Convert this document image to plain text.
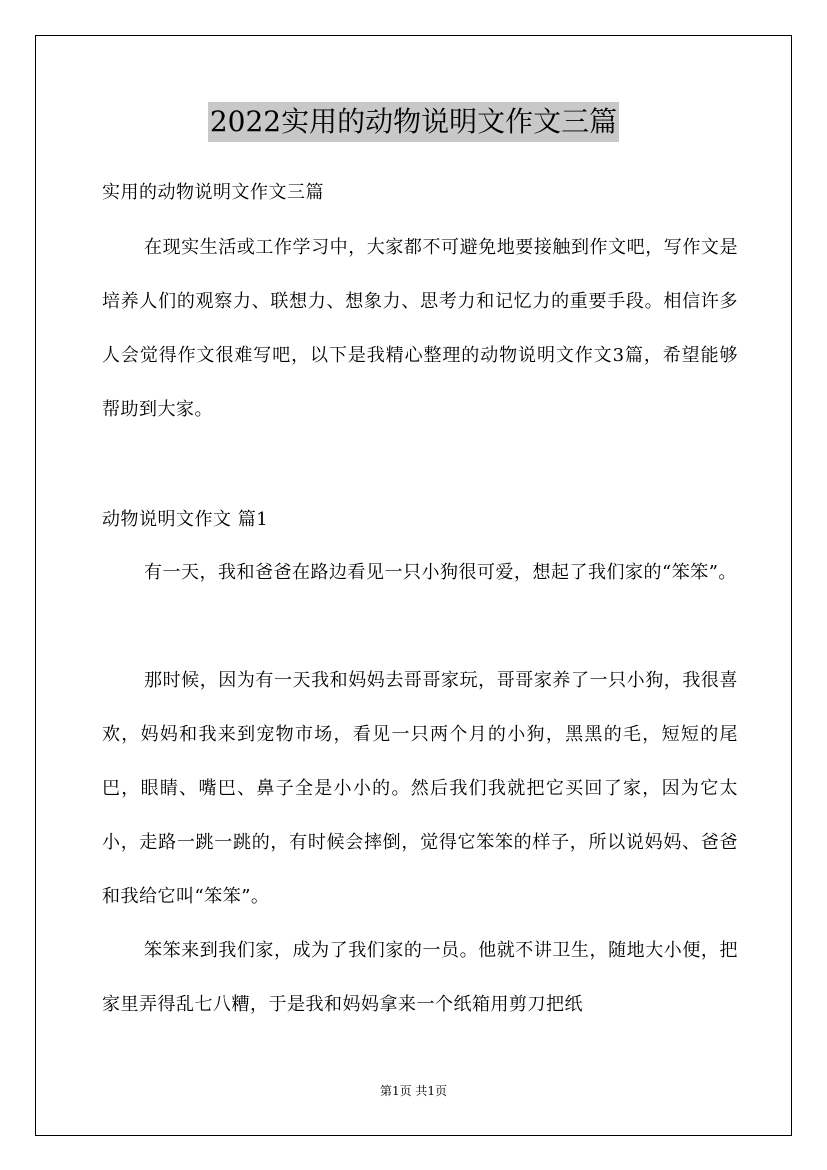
2022实用的动物说明文作文三篇
实用的动物说明文作文三篇
在现实生活或工作学习中，大家都不可避免地要接触到作文吧，写作文是培养人们的观察力、联想力、想象力、思考力和记忆力的重要手段。相信许多人会觉得作文很难写吧，以下是我精心整理的动物说明文作文3篇，希望能够帮助到大家。
动物说明文作文 篇1
有一天，我和爸爸在路边看见一只小狗很可爱，想起了我们家的“笨笨”。
那时候，因为有一天我和妈妈去哥哥家玩，哥哥家养了一只小狗，我很喜欢，妈妈和我来到宠物市场，看见一只两个月的小狗，黑黑的毛，短短的尾巴，眼睛、嘴巴、鼻子全是小小的。然后我们我就把它买回了家，因为它太小，走路一跳一跳的，有时候会摔倒，觉得它笨笨的样子，所以说妈妈、爸爸和我给它叫“笨笨”。
笨笨来到我们家，成为了我们家的一员。他就不讲卫生，随地大小便，把家里弄得乱七八糟，于是我和妈妈拿来一个纸箱用剪刀把纸
第1页 共1页
